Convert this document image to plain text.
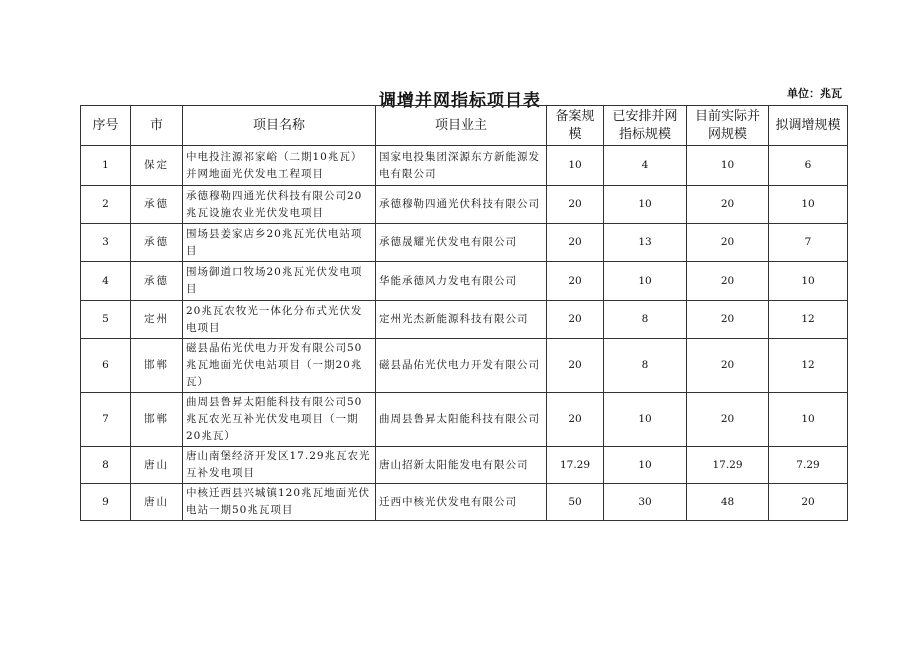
调增并网指标项目表	单位：兆瓦
序号	市	项目名称	项目业主	备案规模	已安排并网指标规模	目前实际并网规模	拟调增规模
1	保定	中电投注源祁家峪（二期10兆瓦）并网地面光伏发电工程项目	国家电投集团深源东方新能源发电有限公司	10	4	10	6
2	承德	承德穆勒四通光伏科技有限公司20兆瓦设施农业光伏发电项目	承德穆勒四通光伏科技有限公司	20	10	20	10
3	承德	围场县姜家店乡20兆瓦光伏电站项目	承德晟耀光伏发电有限公司	20	13	20	7
4	承德	围场御道口牧场20兆瓦光伏发电项目	华能承德风力发电有限公司	20	10	20	10
5	定州	20兆瓦农牧光一体化分布式光伏发电项目	定州光杰新能源科技有限公司	20	8	20	12
6	邯郸	磁县晶佑光伏电力开发有限公司50兆瓦地面光伏电站项目（一期20兆瓦）	磁县晶佑光伏电力开发有限公司	20	8	20	12
7	邯郸	曲周县鲁昇太阳能科技有限公司50兆瓦农光互补光伏发电项目（一期20兆瓦）	曲周县鲁昇太阳能科技有限公司	20	10	20	10
8	唐山	唐山南堡经济开发区17.29兆瓦农光互补发电项目	唐山招新太阳能发电有限公司	17.29	10	17.29	7.29
9	唐山	中核迁西县兴城镇120兆瓦地面光伏电站一期50兆瓦项目	迁西中核光伏发电有限公司	50	30	48	20
